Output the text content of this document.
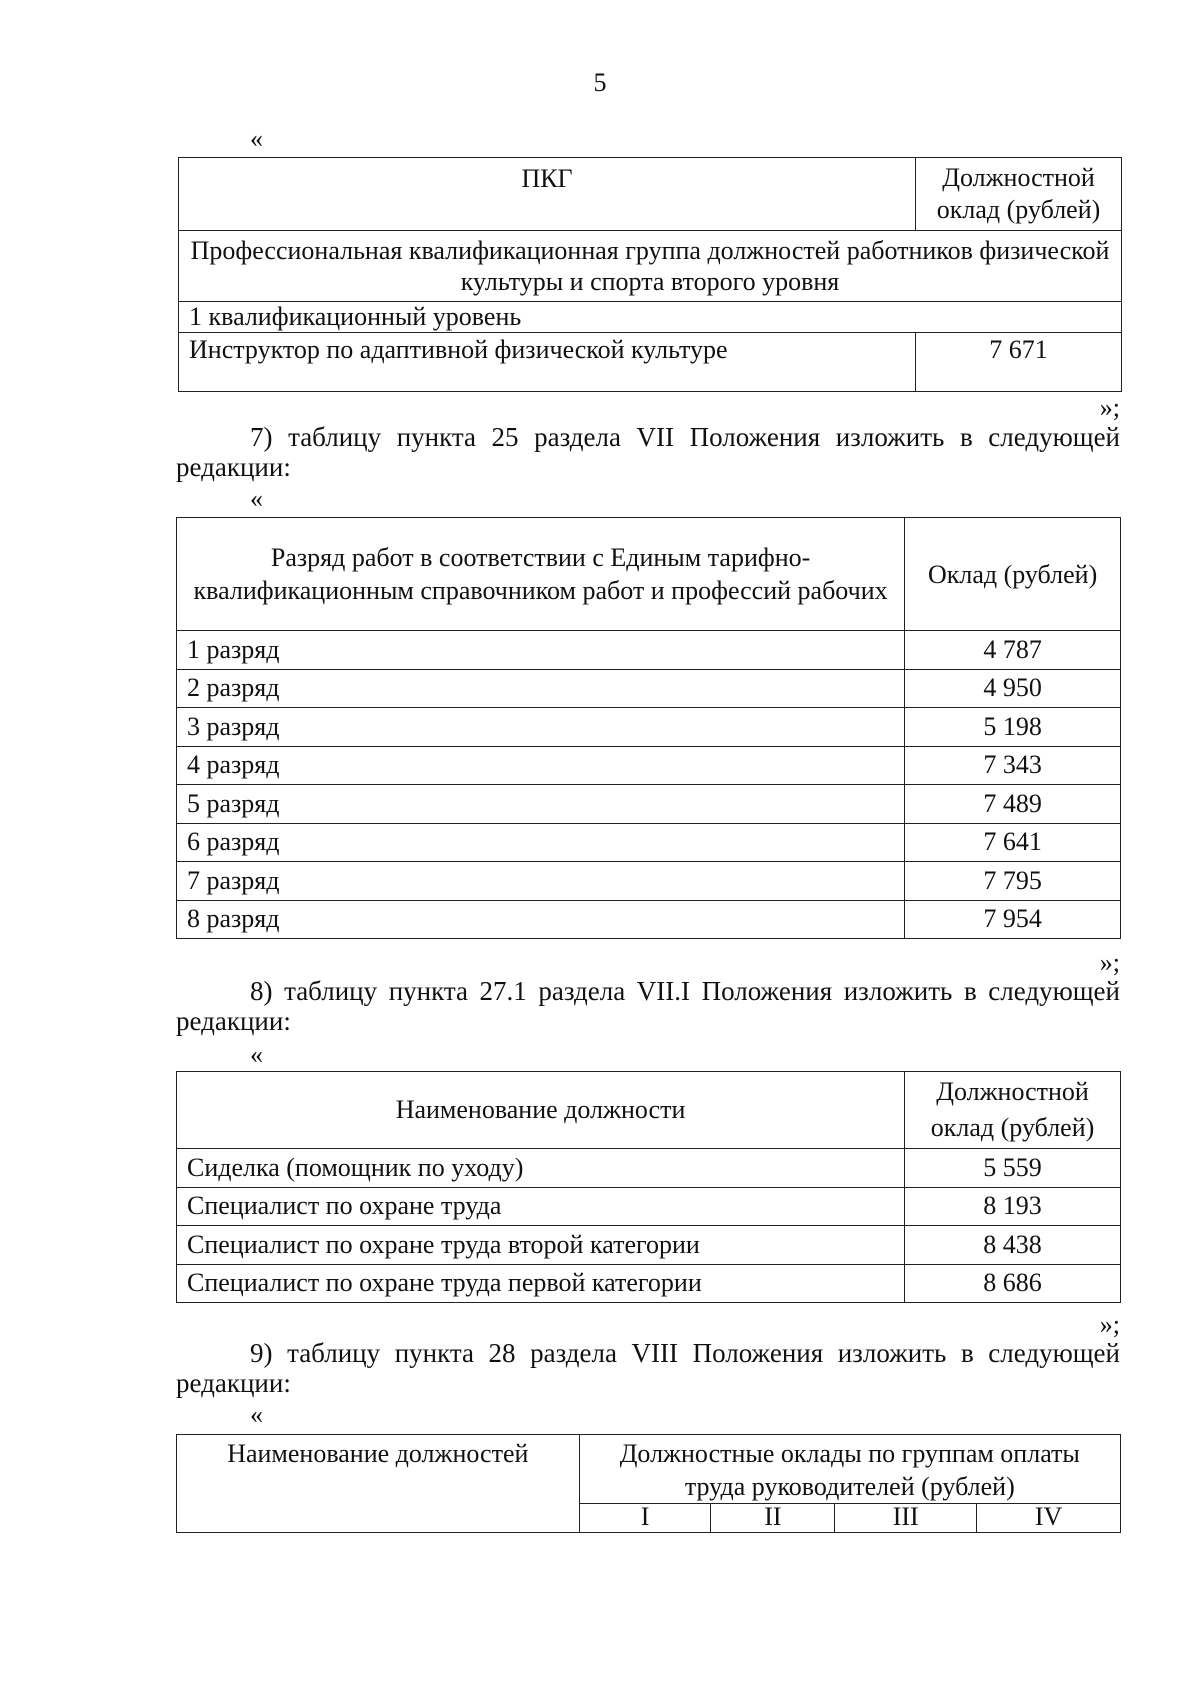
5
«
ПКГ	Должностной оклад (рублей)
Профессиональная квалификационная группа должностей работников физической культуры и спорта второго уровня	
1 квалификационный уровень	
Инструктор по адаптивной физической культуре	7 671
»;
7) таблицу пункта 25 раздела VII Положения изложить в следующей редакции:
«
Разряд работ в соответствии с Единым тарифно-квалификационным справочником работ и профессий рабочих	Оклад (рублей)
1 разряд	4 787
2 разряд	4 950
3 разряд	5 198
4 разряд	7 343
5 разряд	7 489
6 разряд	7 641
7 разряд	7 795
8 разряд	7 954
»;
8) таблицу пункта 27.1 раздела VII.I Положения изложить в следующей редакции:
«
Наименование должности	Должностной оклад (рублей)
Сиделка (помощник по уходу)	5 559
Специалист по охране труда	8 193
Специалист по охране труда второй категории	8 438
Специалист по охране труда первой категории	8 686
»;
9) таблицу пункта 28 раздела VIII Положения изложить в следующей редакции:
«
Наименование должностей	Должностные оклады по группам оплаты труда руководителей (рублей)			
	I	II	III	IV
